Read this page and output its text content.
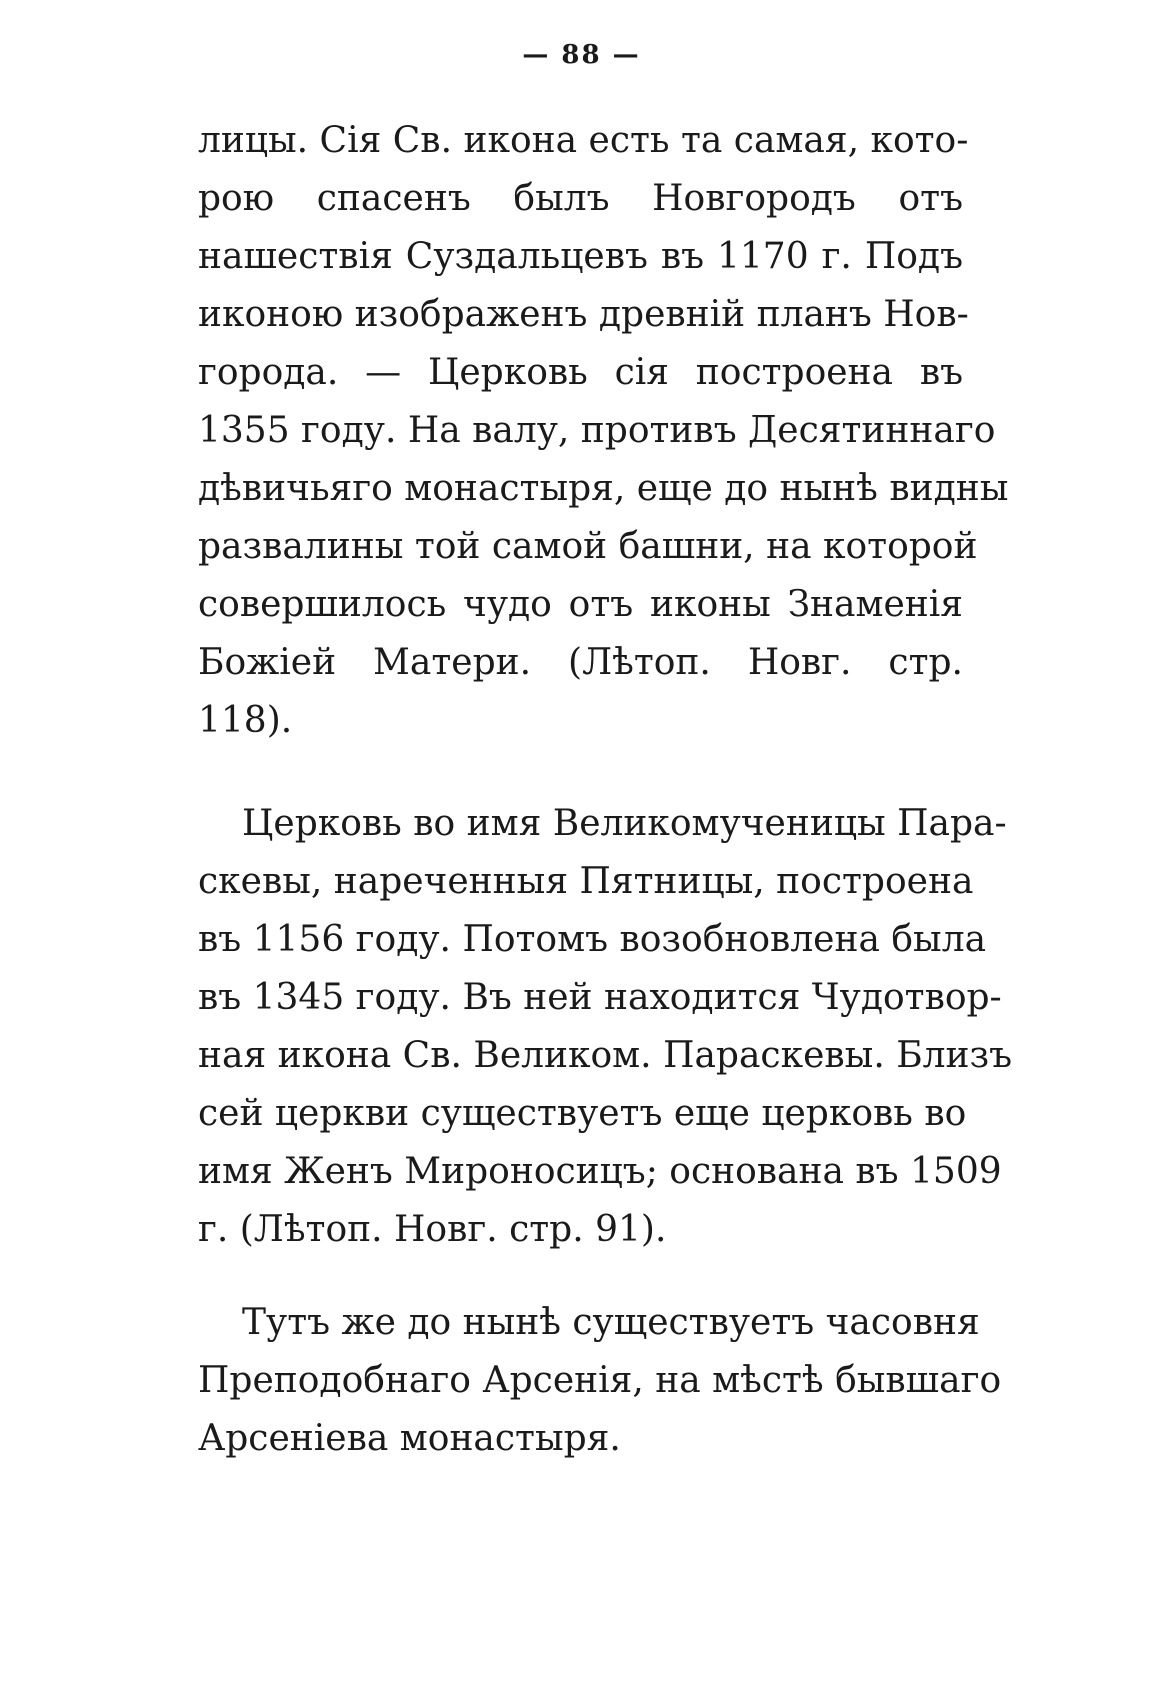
— 88 —
лицы. Сія Св. икона есть та самая, кото-
рою спасенъ былъ Новгородъ отъ
нашествія Суздальцевъ въ 1170 г. Подъ
иконою изображенъ древній планъ Нов-
города. — Церковь сія построена въ
1355 году. На валу, противъ Десятиннаго
дѣвичьяго монастыря, еще до нынѣ видны
развалины той самой башни, на которой
совершилось чудо отъ иконы Знаменія
Божіей Матери. (Лѣтоп. Новг. стр.
118).
Церковь во имя Великомученицы Пара-
скевы, нареченныя Пятницы, построена
въ 1156 году. Потомъ возобновлена была
въ 1345 году. Въ ней находится Чудотвор-
ная икона Св. Великом. Параскевы. Близъ
сей церкви существуетъ еще церковь во
имя Женъ Мироносицъ; основана въ 1509
г. (Лѣтоп. Новг. стр. 91).
Тутъ же до нынѣ существуетъ часовня
Преподобнаго Арсенія, на мѣстѣ бывшаго
Арсеніева монастыря.
